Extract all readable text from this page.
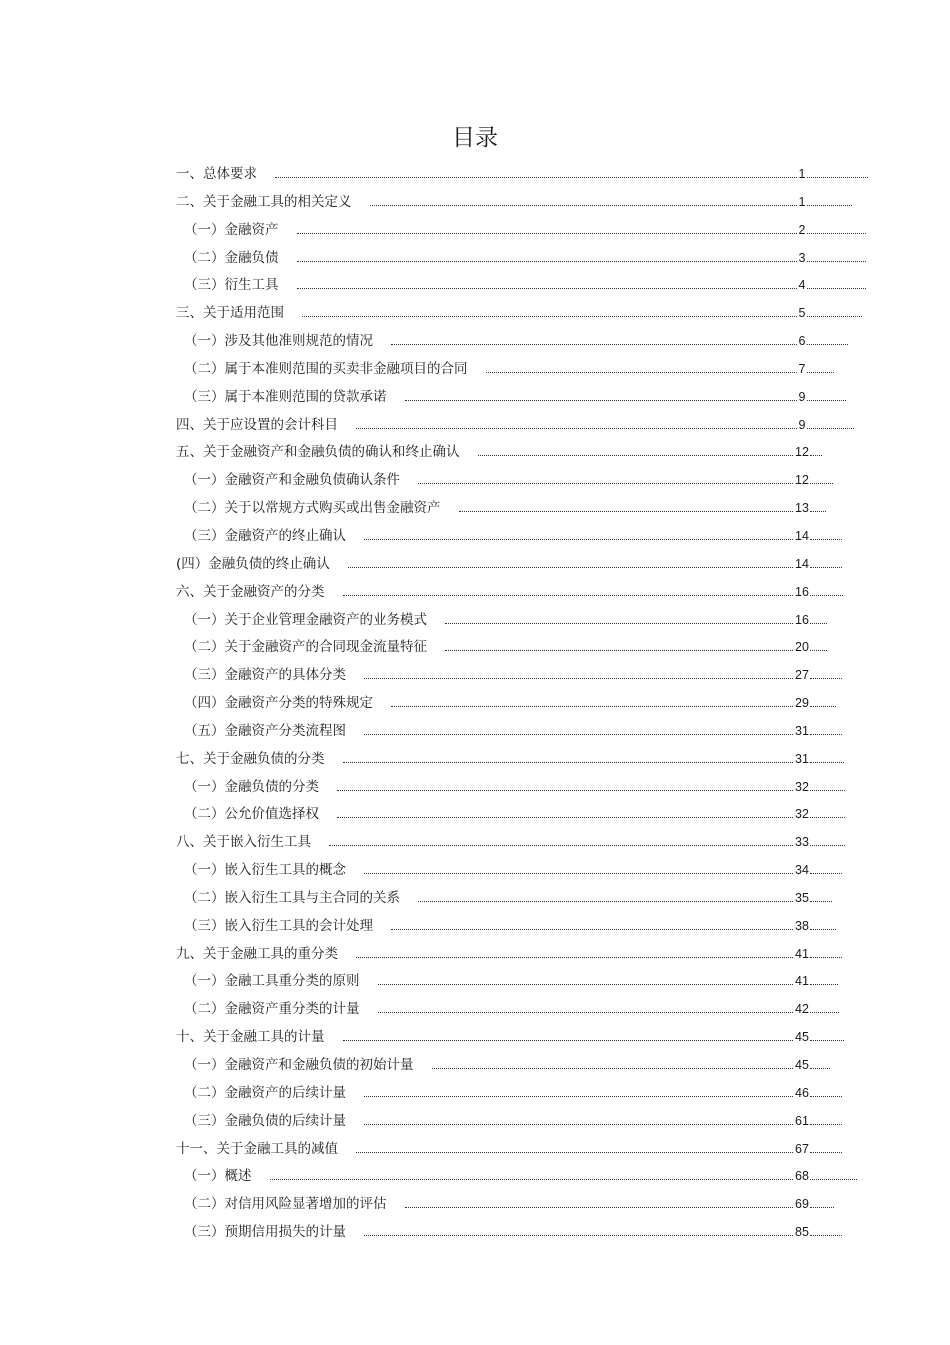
目录
一、总体要求	1
二、关于金融工具的相关定义	1
（一）金融资产	2
（二）金融负债	3
（三）衍生工具	4
三、关于适用范围	5
（一）涉及其他准则规范的情况	6
（二）属于本准则范围的买卖非金融项目的合同	7
（三）属于本准则范围的贷款承诺	9
四、关于应设置的会计科目	9
五、关于金融资产和金融负债的确认和终止确认	12
（一）金融资产和金融负债确认条件	12
（二）关于以常规方式购买或出售金融资产	13
（三）金融资产的终止确认	14
(四）金融负债的终止确认	14
六、关于金融资产的分类	16
（一）关于企业管理金融资产的业务模式	16
（二）关于金融资产的合同现金流量特征	20
（三）金融资产的具体分类	27
（四）金融资产分类的特殊规定	29
（五）金融资产分类流程图	31
七、关于金融负债的分类	31
（一）金融负债的分类	32
（二）公允价值选择权	32
八、关于嵌入衍生工具	33
（一）嵌入衍生工具的概念	34
（二）嵌入衍生工具与主合同的关系	35
（三）嵌入衍生工具的会计处理	38
九、关于金融工具的重分类	41
（一）金融工具重分类的原则	41
（二）金融资产重分类的计量	42
十、关于金融工具的计量	45
（一）金融资产和金融负债的初始计量	45
（二）金融资产的后续计量	46
（三）金融负债的后续计量	61
十一、关于金融工具的减值	67
（一）概述	68
（二）对信用风险显著增加的评估	69
（三）预期信用损失的计量	85
